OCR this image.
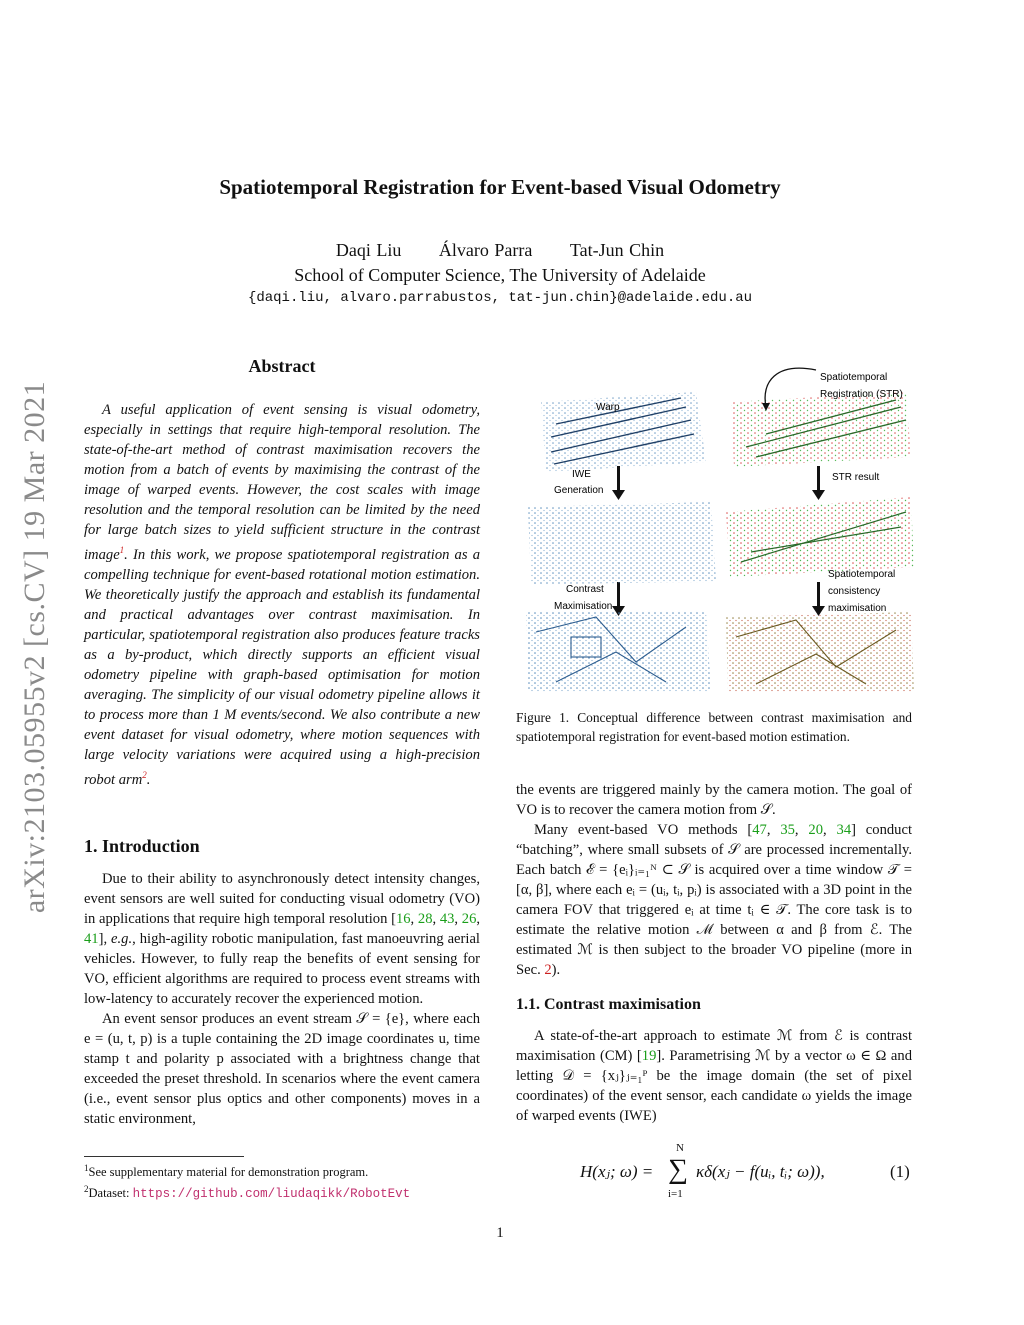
Spatiotemporal Registration for Event-based Visual Odometry
Daqi Liu Álvaro Parra Tat-Jun Chin
School of Computer Science, The University of Adelaide
{daqi.liu, alvaro.parrabustos, tat-jun.chin}@adelaide.edu.au
arXiv:2103.05955v2 [cs.CV] 19 Mar 2021
Abstract
A useful application of event sensing is visual odometry, especially in settings that require high-temporal resolution. The state-of-the-art method of contrast maximisation recovers the motion from a batch of events by maximising the contrast of the image of warped events. However, the cost scales with image resolution and the temporal resolution can be limited by the need for large batch sizes to yield sufficient structure in the contrast image$^1$. In this work, we propose spatiotemporal registration as a compelling technique for event-based rotational motion estimation. We theoretically justify the approach and establish its fundamental and practical advantages over contrast maximisation. In particular, spatiotemporal registration also produces feature tracks as a by-product, which directly supports an efficient visual odometry pipeline with graph-based optimisation for motion averaging. The simplicity of our visual odometry pipeline allows it to process more than 1 M events/second. We also contribute a new event dataset for visual odometry, where motion sequences with large velocity variations were acquired using a high-precision robot arm$^2$.
1. Introduction

Due to their ability to asynchronously detect intensity changes, event sensors are well suited for conducting visual odometry (VO) in applications that require high temporal resolution [16, 28, 43, 26, 41], e.g., high-agility robotic manipulation, fast manoeuvring aerial vehicles. However, to fully reap the benefits of event sensing for VO, efficient algorithms are required to process event streams with low-latency to accurately recover the experienced motion.

An event sensor produces an event stream 𝒮 = {e}, where each e = (u, t, p) is a tuple containing the 2D image coordinates u, time stamp t and polarity p associated with a brightness change that exceeded the preset threshold. In scenarios where the event camera (i.e., event sensor plus optics and other components) moves in a static environment,

$^1$See supplementary material for demonstration program.
$^2$Dataset: https://github.com/liudaqikk/RobotEvt
Warp
Spatiotemporal
Registration (STR)
IWE
Generation
STR result
Contrast
Maximisation
Spatiotemporal
consistency
maximisation
Figure 1. Conceptual difference between contrast maximisation and spatiotemporal registration for event-based motion estimation.

the events are triggered mainly by the camera motion. The goal of VO is to recover the camera motion from 𝒮.

Many event-based VO methods [47, 35, 20, 34] conduct “batching”, where small subsets of 𝒮 are processed incrementally. Each batch ℰ = {eᵢ}ᵢ₌₁ᴺ ⊂ 𝒮 is acquired over a time window 𝒯 = [α, β], where each eᵢ = (uᵢ, tᵢ, pᵢ) is associated with a 3D point in the camera FOV that triggered eᵢ at time tᵢ ∈ 𝒯. The core task is to estimate the relative motion ℳ between α and β from ℰ. The estimated ℳ is then subject to the broader VO pipeline (more in Sec. 2).

1.1. Contrast maximisation

A state-of-the-art approach to estimate ℳ from ℰ is contrast maximisation (CM) [19]. Parametrising ℳ by a vector ω ∈ Ω and letting 𝒟 = {xⱼ}ⱼ₌₁ᴾ be the image domain (the set of pixel coordinates) of the event sensor, each candidate ω yields the image of warped events (IWE)

H(xⱼ; ω) =
N
∑
i=1
κδ(xⱼ − f(uᵢ, tᵢ; ω)),	(1)
1
